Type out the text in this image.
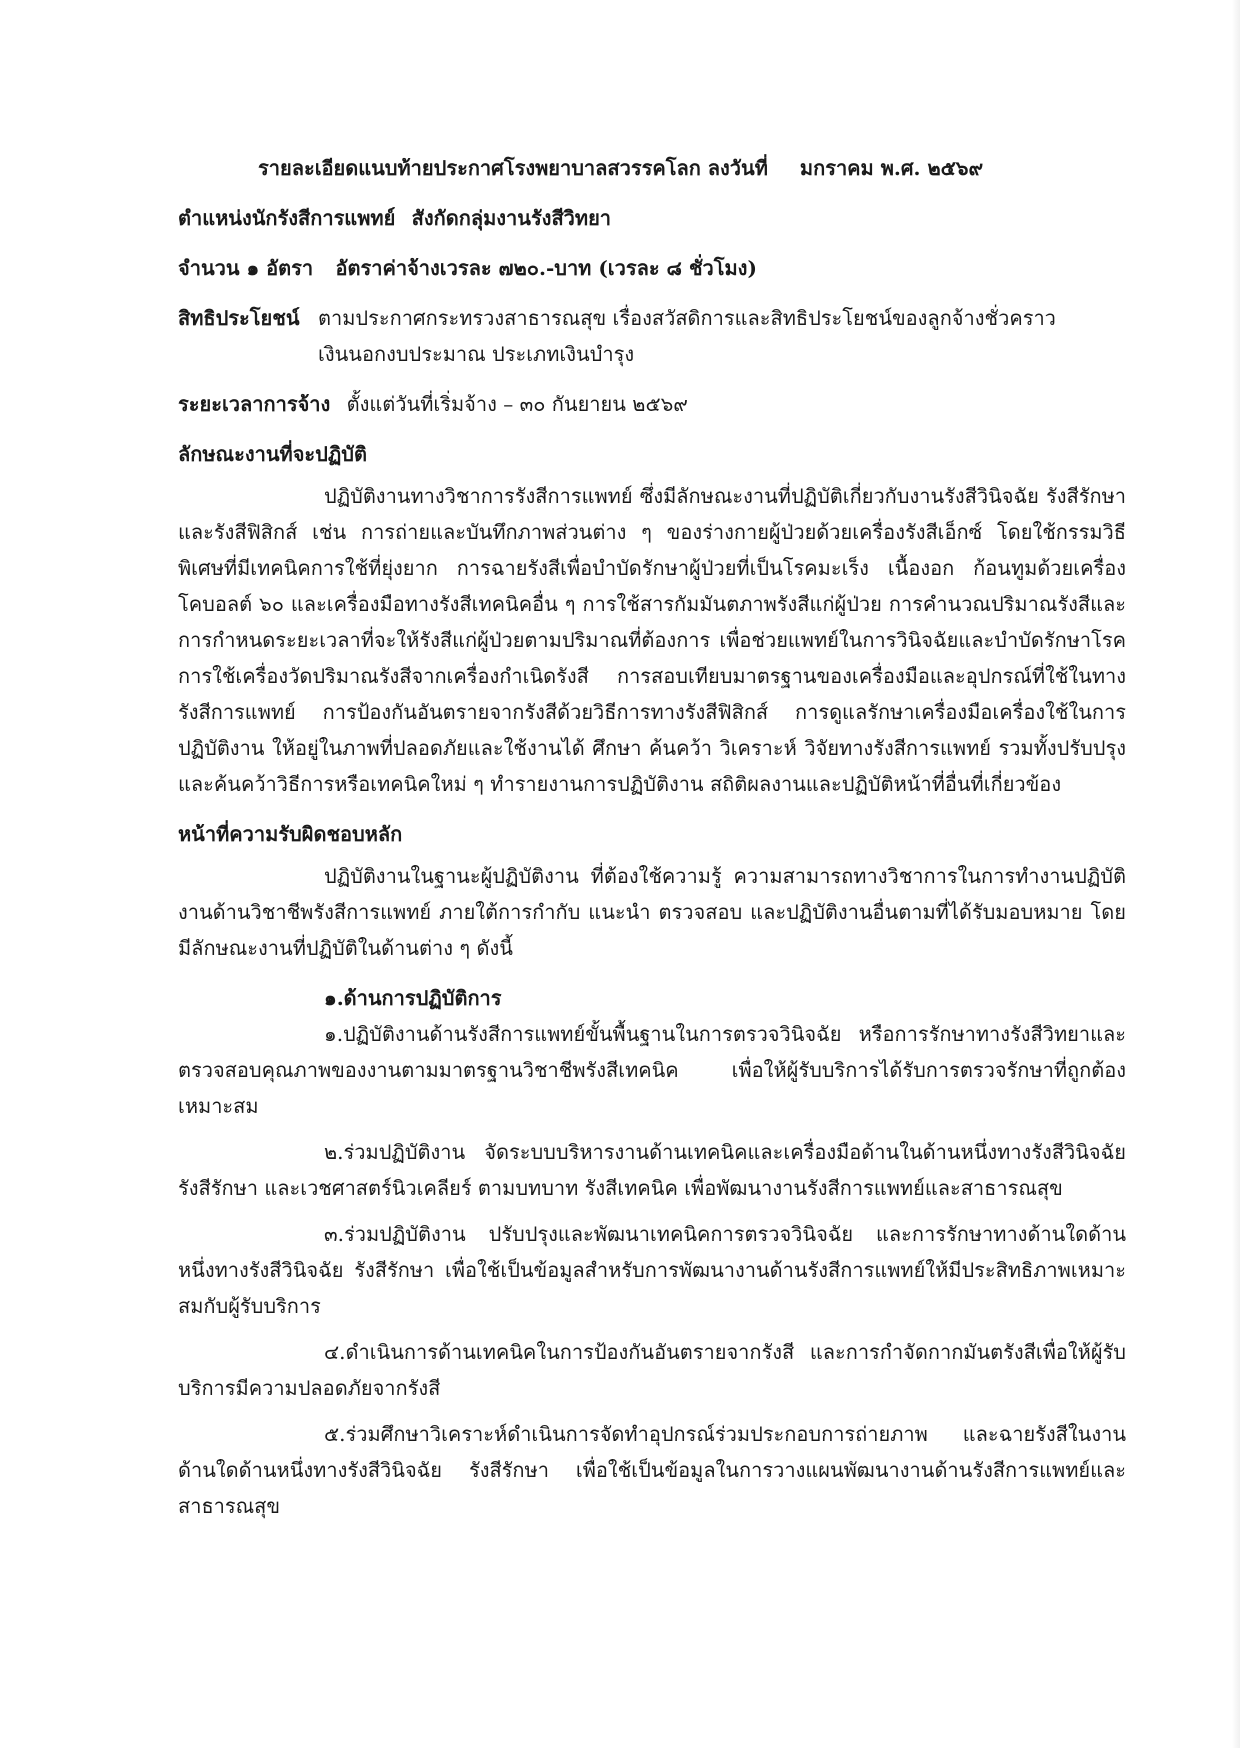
รายละเอียดแนบท้ายประกาศโรงพยาบาลสวรรคโลก ลงวันที่ มกราคม พ.ศ. ๒๕๖๙
ตำแหน่งนักรังสีการแพทย์ สังกัดกลุ่มงานรังสีวิทยา
จำนวน ๑ อัตรา อัตราค่าจ้างเวรละ ๗๒๐.-บาท (เวรละ ๘ ชั่วโมง)
สิทธิประโยชน์ ตามประกาศกระทรวงสาธารณสุข เรื่องสวัสดิการและสิทธิประโยชน์ของลูกจ้างชั่วคราว
เงินนอกงบประมาณ ประเภทเงินบำรุง
ระยะเวลาการจ้าง ตั้งแต่วันที่เริ่มจ้าง – ๓๐ กันยายน ๒๕๖๙
ลักษณะงานที่จะปฏิบัติ

ปฏิบัติงานทางวิชาการรังสีการแพทย์ ซึ่งมีลักษณะงานที่ปฏิบัติเกี่ยวกับงานรังสีวินิจฉัย รังสีรักษา และรังสีฟิสิกส์ เช่น การถ่ายและบันทึกภาพส่วนต่าง ๆ ของร่างกายผู้ป่วยด้วยเครื่องรังสีเอ็กซ์ โดยใช้กรรมวิธีพิเศษที่มีเทคนิคการใช้ที่ยุ่งยาก การฉายรังสีเพื่อบำบัดรักษาผู้ป่วยที่เป็นโรคมะเร็ง เนื้องอก ก้อนทูมด้วยเครื่องโคบอลต์ ๖๐ และเครื่องมือทางรังสีเทคนิคอื่น ๆ การใช้สารกัมมันตภาพรังสีแก่ผู้ป่วย การคำนวณปริมาณรังสีและการกำหนดระยะเวลาที่จะให้รังสีแก่ผู้ป่วยตามปริมาณที่ต้องการ เพื่อช่วยแพทย์ในการวินิจฉัยและบำบัดรักษาโรคการใช้เครื่องวัดปริมาณรังสีจากเครื่องกำเนิดรังสี การสอบเทียบมาตรฐานของเครื่องมือและอุปกรณ์ที่ใช้ในทางรังสีการแพทย์ การป้องกันอันตรายจากรังสีด้วยวิธีการทางรังสีฟิสิกส์ การดูแลรักษาเครื่องมือเครื่องใช้ในการปฏิบัติงาน ให้อยู่ในภาพที่ปลอดภัยและใช้งานได้ ศึกษา ค้นคว้า วิเคราะห์ วิจัยทางรังสีการแพทย์ รวมทั้งปรับปรุงและค้นคว้าวิธีการหรือเทคนิคใหม่ ๆ ทำรายงานการปฏิบัติงาน สถิติผลงานและปฏิบัติหน้าที่อื่นที่เกี่ยวข้อง

หน้าที่ความรับผิดชอบหลัก

ปฏิบัติงานในฐานะผู้ปฏิบัติงาน ที่ต้องใช้ความรู้ ความสามารถทางวิชาการในการทำงานปฏิบัติงานด้านวิชาชีพรังสีการแพทย์ ภายใต้การกำกับ แนะนำ ตรวจสอบ และปฏิบัติงานอื่นตามที่ได้รับมอบหมาย โดยมีลักษณะงานที่ปฏิบัติในด้านต่าง ๆ ดังนี้

๑.ด้านการปฏิบัติการ

๑.ปฏิบัติงานด้านรังสีการแพทย์ขั้นพื้นฐานในการตรวจวินิจฉัย หรือการรักษาทางรังสีวิทยาและตรวจสอบคุณภาพของงานตามมาตรฐานวิชาชีพรังสีเทคนิค เพื่อให้ผู้รับบริการได้รับการตรวจรักษาที่ถูกต้อง เหมาะสม

๒.ร่วมปฏิบัติงาน จัดระบบบริหารงานด้านเทคนิคและเครื่องมือด้านในด้านหนึ่งทางรังสีวินิจฉัย รังสีรักษา และเวชศาสตร์นิวเคลียร์ ตามบทบาท รังสีเทคนิค เพื่อพัฒนางานรังสีการแพทย์และสาธารณสุข

๓.ร่วมปฏิบัติงาน ปรับปรุงและพัฒนาเทคนิคการตรวจวินิจฉัย และการรักษาทางด้านใดด้านหนึ่งทางรังสีวินิจฉัย รังสีรักษา เพื่อใช้เป็นข้อมูลสำหรับการพัฒนางานด้านรังสีการแพทย์ให้มีประสิทธิภาพเหมาะสมกับผู้รับบริการ

๔.ดำเนินการด้านเทคนิคในการป้องกันอันตรายจากรังสี และการกำจัดกากมันตรังสีเพื่อให้ผู้รับบริการมีความปลอดภัยจากรังสี

๕.ร่วมศึกษาวิเคราะห์ดำเนินการจัดทำอุปกรณ์ร่วมประกอบการถ่ายภาพ และฉายรังสีในงานด้านใดด้านหนึ่งทางรังสีวินิจฉัย รังสีรักษา เพื่อใช้เป็นข้อมูลในการวางแผนพัฒนางานด้านรังสีการแพทย์และสาธารณสุข
